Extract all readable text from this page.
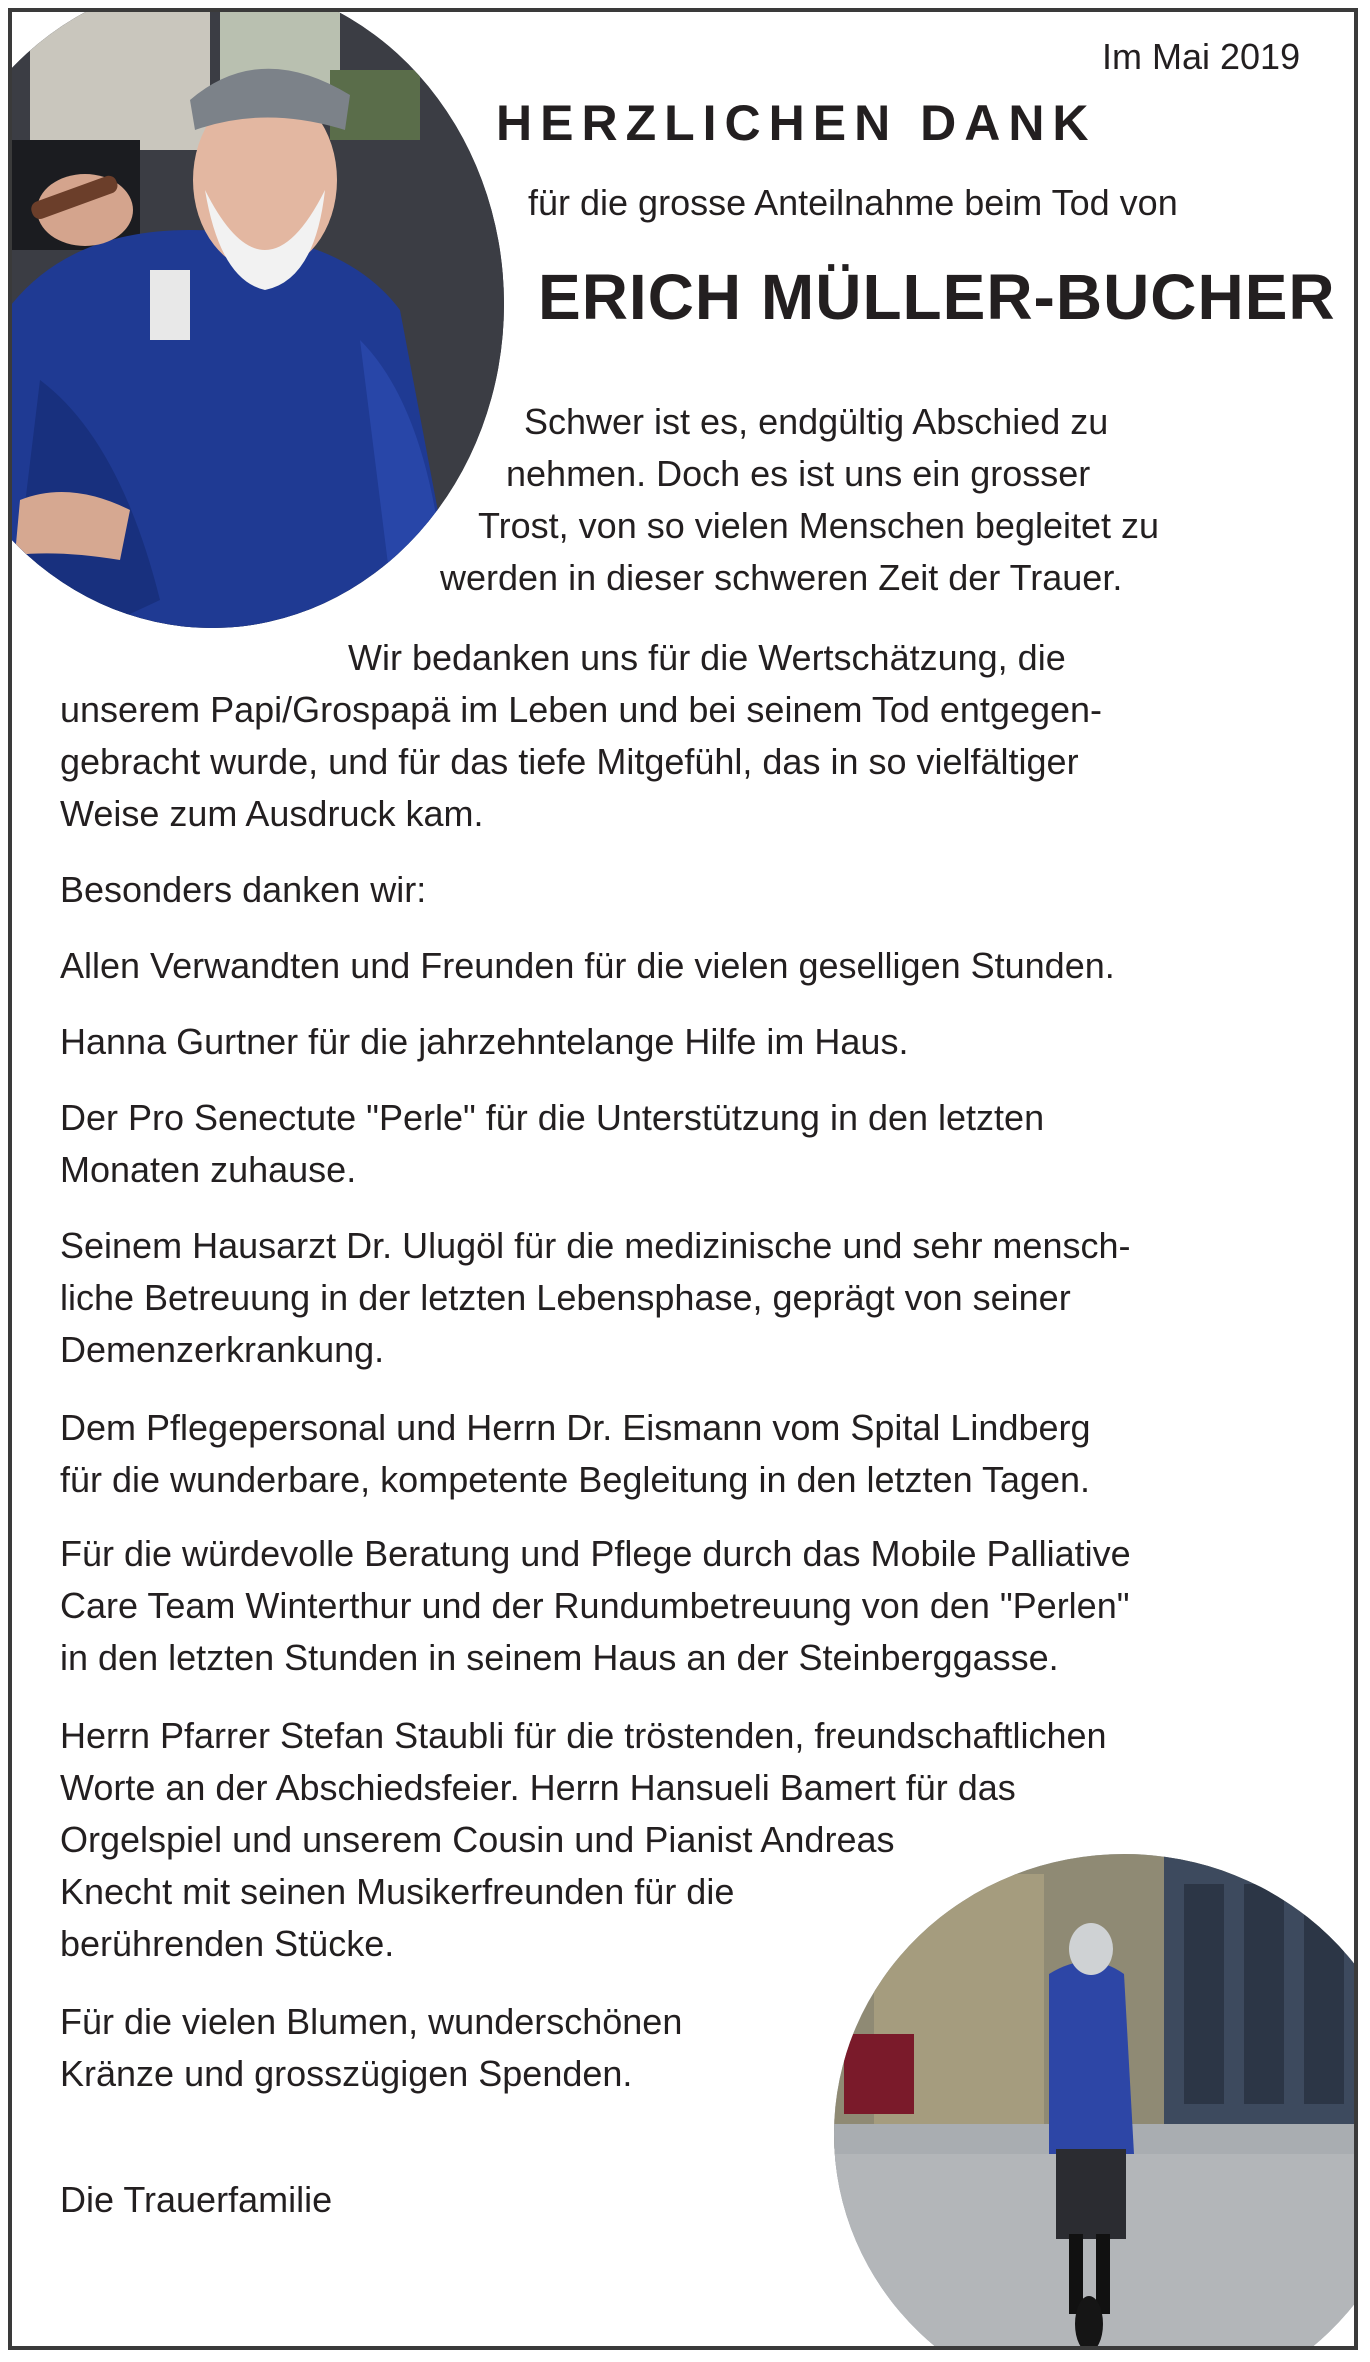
Im Mai 2019
HERZLICHEN DANK
für die grosse Anteilnahme beim Tod von
ERICH MÜLLER-BUCHER
Schwer ist es, endgültig Abschied zu
nehmen. Doch es ist uns ein grosser
Trost, von so vielen Menschen begleitet zu
werden in dieser schweren Zeit der Trauer.
Wir bedanken uns für die Wertschätzung, die
unserem Papi/Grospapä im Leben und bei seinem Tod entgegen-
gebracht wurde, und für das tiefe Mitgefühl, das in so vielfältiger
Weise zum Ausdruck kam.
Besonders danken wir:
Allen Verwandten und Freunden für die vielen geselligen Stunden.
Hanna Gurtner für die jahrzehntelange Hilfe im Haus.
Der Pro Senectute "Perle" für die Unterstützung in den letzten
Monaten zuhause.
Seinem Hausarzt Dr. Ulugöl für die medizinische und sehr mensch-
liche Betreuung in der letzten Lebensphase, geprägt von seiner
Demenzerkrankung.
Dem Pflegepersonal und Herrn Dr. Eismann vom Spital Lindberg
für die wunderbare, kompetente Begleitung in den letzten Tagen.
Für die würdevolle Beratung und Pflege durch das Mobile Palliative
Care Team Winterthur und der Rundumbetreuung von den "Perlen"
in den letzten Stunden in seinem Haus an der Steinberggasse.
Herrn Pfarrer Stefan Staubli für die tröstenden, freundschaftlichen
Worte an der Abschiedsfeier. Herrn Hansueli Bamert für das
Orgelspiel und unserem Cousin und Pianist Andreas
Knecht mit seinen Musikerfreunden für die
berührenden Stücke.
Für die vielen Blumen, wunderschönen
Kränze und grosszügigen Spenden.
Die Trauerfamilie
